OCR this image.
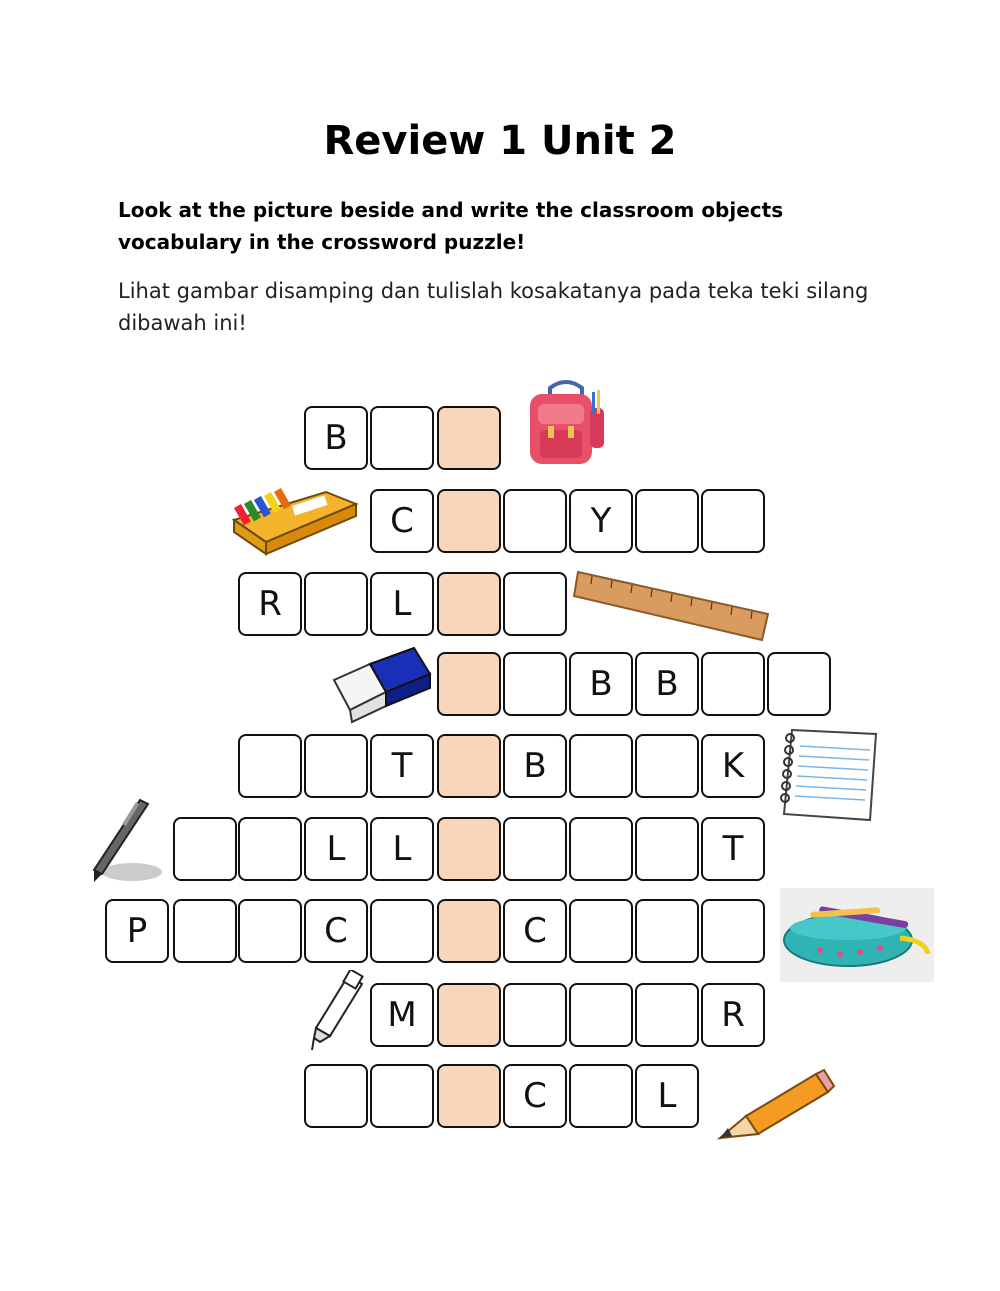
Review 1 Unit 2
Look at the picture beside and write the classroom objects vocabulary in the crossword puzzle!
Lihat gambar disamping dan tulislah kosakatanya pada teka teki silang dibawah ini!
B
C	Y
R	L
B	B
T	B	K
L	L	T
P	C	C
M	R
C	L
